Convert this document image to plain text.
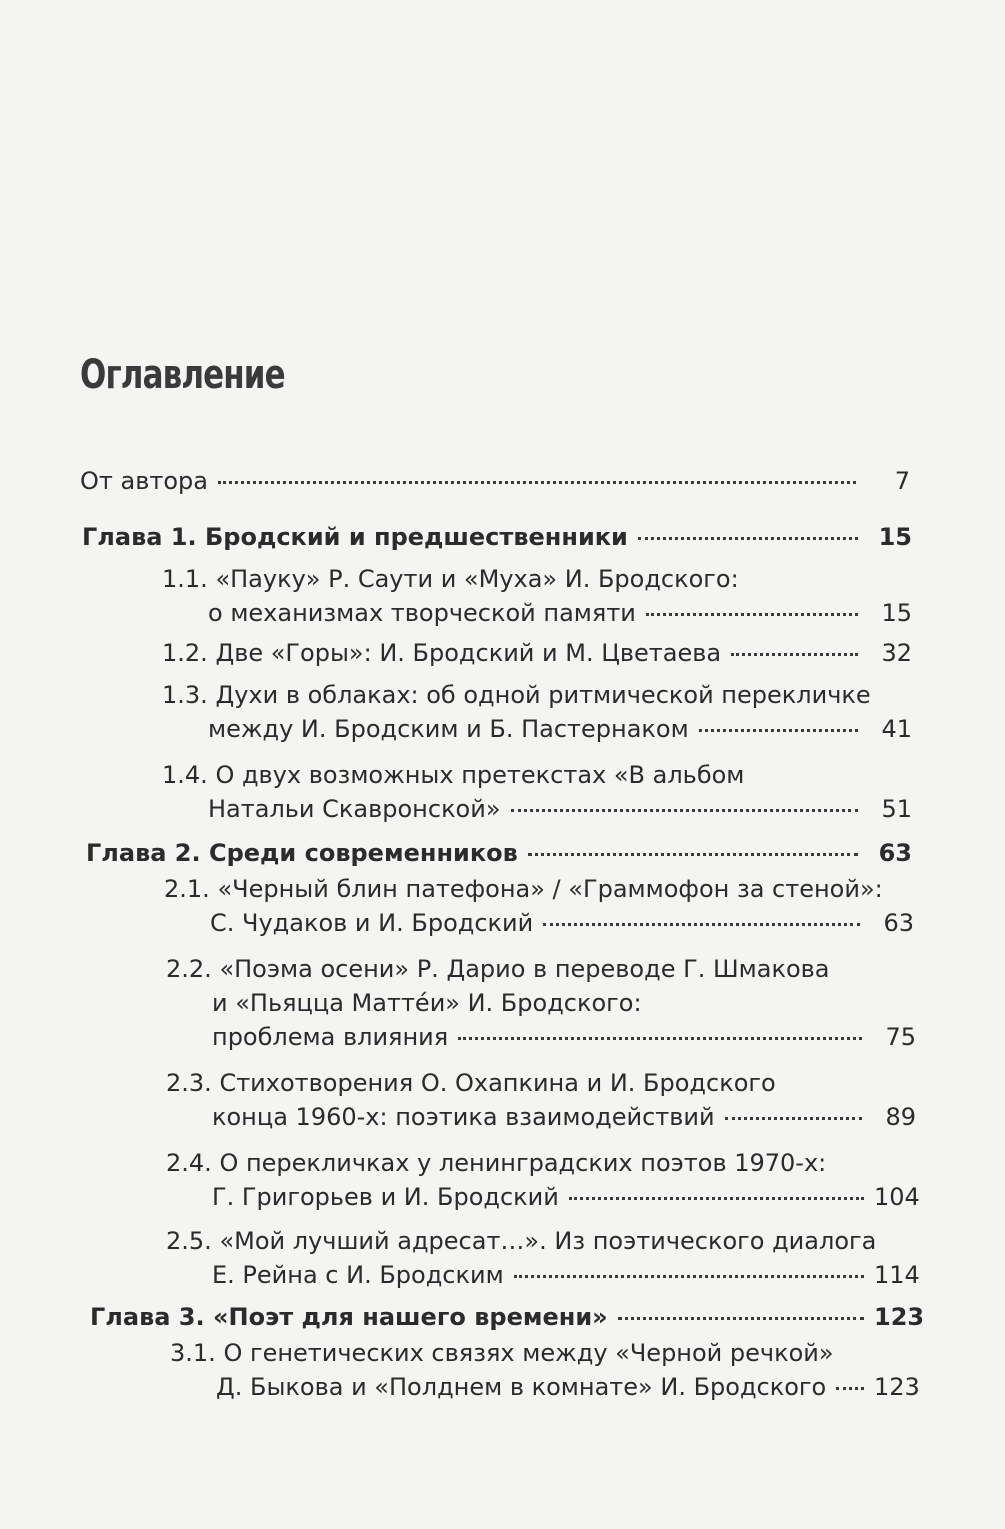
Оглавление
От автора	7
Глава 1. Бродский и предшественники	15
1.1. «Пауку» Р. Саути и «Муха» И. Бродского:
о механизмах творческой памяти	15
1.2. Две «Горы»: И. Бродский и М. Цветаева	32
1.3. Духи в облаках: об одной ритмической перекличке
между И. Бродским и Б. Пастернаком	41
1.4. О двух возможных претекстах «В альбом
Натальи Скавронской»	51
Глава 2. Среди современников	63
2.1. «Черный блин патефона» / «Граммофон за стеной»:
С. Чудаков и И. Бродский	63
2.2. «Поэма осени» Р. Дарио в переводе Г. Шмакова
и «Пьяцца Маттéи» И. Бродского:
проблема влияния	75
2.3. Стихотворения О. Охапкина и И. Бродского
конца 1960-х: поэтика взаимодействий	89
2.4. О перекличках у ленинградских поэтов 1970-х:
Г. Григорьев и И. Бродский	104
2.5. «Мой лучший адресат…». Из поэтического диалога
Е. Рейна с И. Бродским	114
Глава 3. «Поэт для нашего времени»	123
3.1. О генетических связях между «Черной речкой»
Д. Быкова и «Полднем в комнате» И. Бродского 123
